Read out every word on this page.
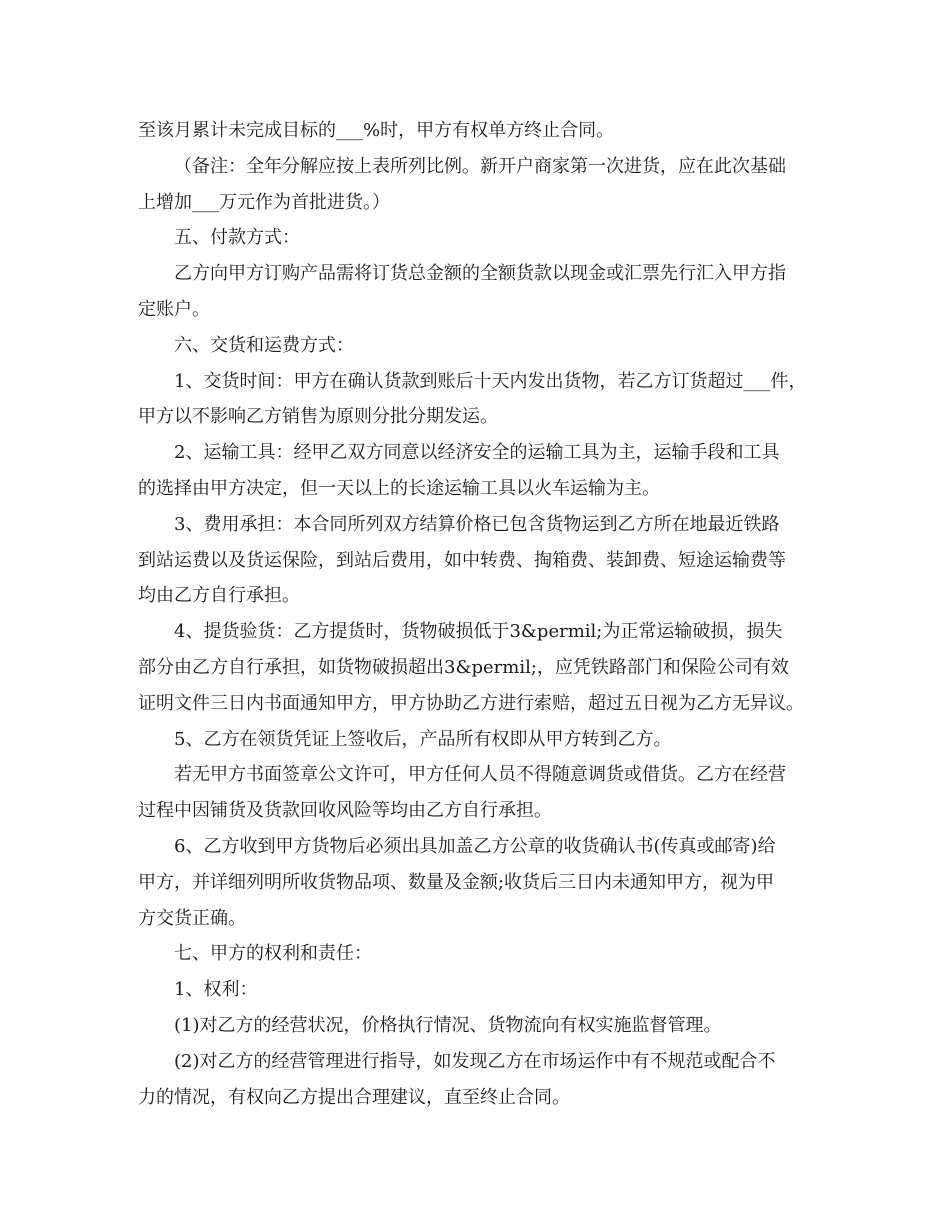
至该月累计未完成目标的___%时，甲方有权单方终止合同。
（备注：全年分解应按上表所列比例。新开户商家第一次进货，应在此次基础
上增加___万元作为首批进货。）
五、付款方式：
乙方向甲方订购产品需将订货总金额的全额货款以现金或汇票先行汇入甲方指
定账户。
六、交货和运费方式：
1、交货时间：甲方在确认货款到账后十天内发出货物，若乙方订货超过___件，
甲方以不影响乙方销售为原则分批分期发运。
2、运输工具：经甲乙双方同意以经济安全的运输工具为主，运输手段和工具
的选择由甲方决定，但一天以上的长途运输工具以火车运输为主。
3、费用承担：本合同所列双方结算价格已包含货物运到乙方所在地最近铁路
到站运费以及货运保险，到站后费用，如中转费、掏箱费、装卸费、短途运输费等
均由乙方自行承担。
4、提货验货：乙方提货时，货物破损低于3&permil;为正常运输破损，损失
部分由乙方自行承担，如货物破损超出3&permil;，应凭铁路部门和保险公司有效
证明文件三日内书面通知甲方，甲方协助乙方进行索赔，超过五日视为乙方无异议。
5、乙方在领货凭证上签收后，产品所有权即从甲方转到乙方。
若无甲方书面签章公文许可，甲方任何人员不得随意调货或借货。乙方在经营
过程中因铺货及货款回收风险等均由乙方自行承担。
6、乙方收到甲方货物后必须出具加盖乙方公章的收货确认书(传真或邮寄)给
甲方，并详细列明所收货物品项、数量及金额;收货后三日内未通知甲方，视为甲
方交货正确。
七、甲方的权利和责任：
1、权利：
(1)对乙方的经营状况，价格执行情况、货物流向有权实施监督管理。
(2)对乙方的经营管理进行指导，如发现乙方在市场运作中有不规范或配合不
力的情况，有权向乙方提出合理建议，直至终止合同。
